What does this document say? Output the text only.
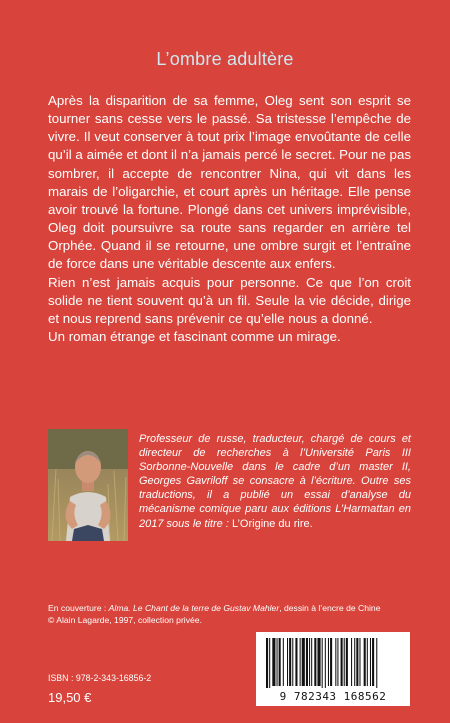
L’ombre adultère

Après la disparition de sa femme, Oleg sent son esprit se tourner sans cesse vers le passé. Sa tristesse l’empêche de vivre. Il veut conserver à tout prix l’image envoûtante de celle qu’il a aimée et dont il n’a jamais percé le secret. Pour ne pas sombrer, il accepte de rencontrer Nina, qui vit dans les marais de l’oligarchie, et court après un héritage. Elle pense avoir trouvé la fortune. Plongé dans cet univers imprévisible, Oleg doit poursuivre sa route sans regarder en arrière tel Orphée. Quand il se retourne, une ombre surgit et l’entraîne de force dans une véritable descente aux enfers.

Rien n’est jamais acquis pour personne. Ce que l’on croit solide ne tient souvent qu’à un fil. Seule la vie décide, dirige et nous reprend sans prévenir ce qu’elle nous a donné.

Un roman étrange et fascinant comme un mirage.

Professeur de russe, traducteur, chargé de cours et directeur de recherches à l’Université Paris III Sorbonne-Nouvelle dans le cadre d’un master II, Georges Gavriloff se consacre à l’écriture. Outre ses traductions, il a publié un essai d’analyse du mécanisme comique paru aux éditions L’Harmattan en 2017 sous le titre : L’Origine du rire.
En couverture : Alma. Le Chant de la terre de Gustav Mahler, dessin à l’encre de Chine
© Alain Lagarde, 1997, collection privée.
ISBN : 978-2-343-16856-2
19,50 €	9 782343 168562
